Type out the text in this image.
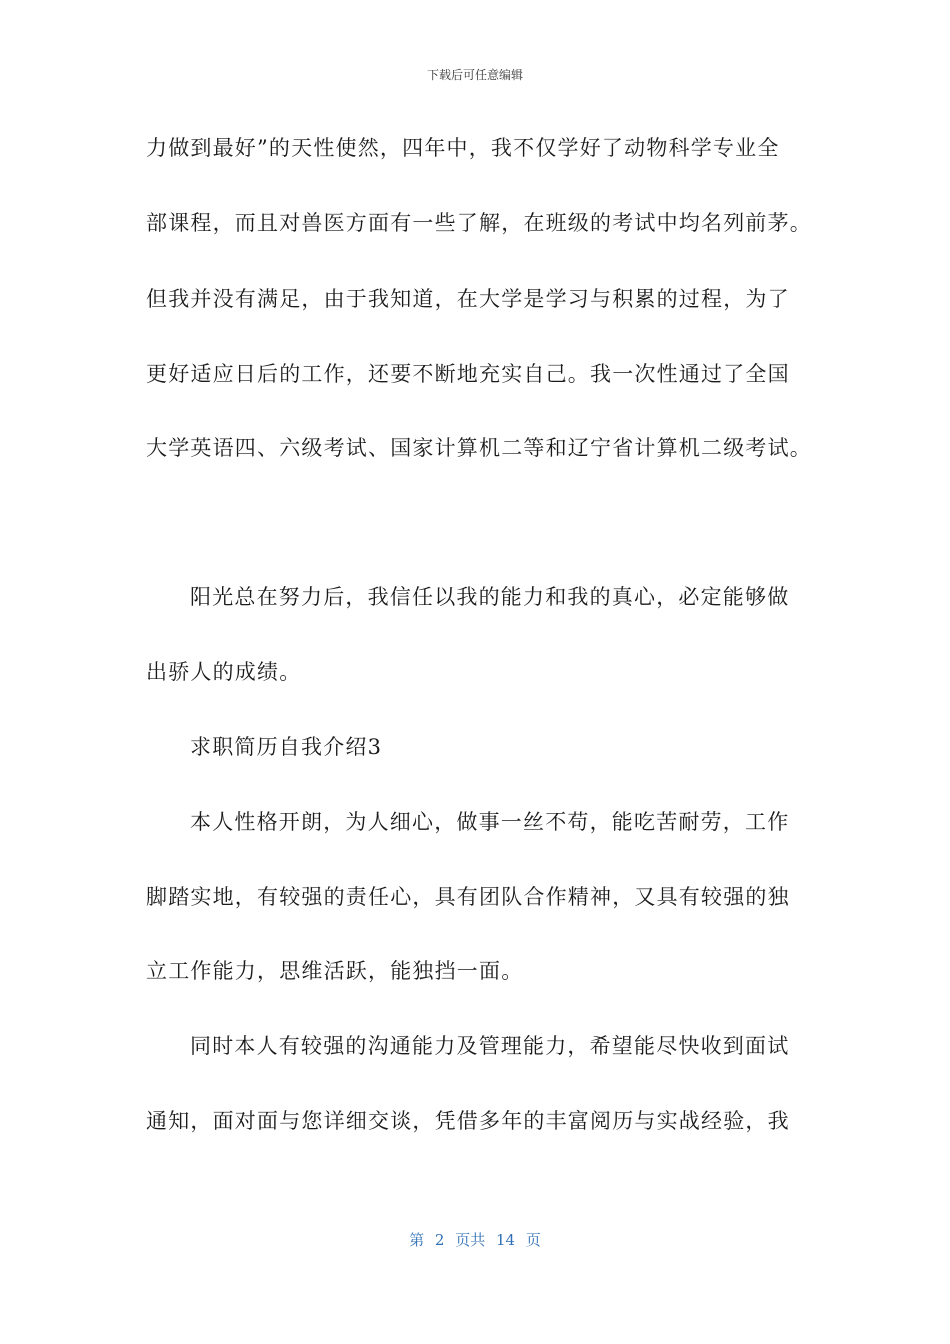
下载后可任意编辑
力做到最好”的天性使然，四年中，我不仅学好了动物科学专业全
部课程，而且对兽医方面有一些了解，在班级的考试中均名列前茅。
但我并没有满足，由于我知道，在大学是学习与积累的过程，为了
更好适应日后的工作，还要不断地充实自己。我一次性通过了全国
大学英语四、六级考试、国家计算机二等和辽宁省计算机二级考试。
阳光总在努力后，我信任以我的能力和我的真心，必定能够做
出骄人的成绩。
求职简历自我介绍3
本人性格开朗，为人细心，做事一丝不苟，能吃苦耐劳，工作
脚踏实地，有较强的责任心，具有团队合作精神，又具有较强的独
立工作能力，思维活跃，能独挡一面。
同时本人有较强的沟通能力及管理能力，希望能尽快收到面试
通知，面对面与您详细交谈，凭借多年的丰富阅历与实战经验，我
第 2 页共 14 页
